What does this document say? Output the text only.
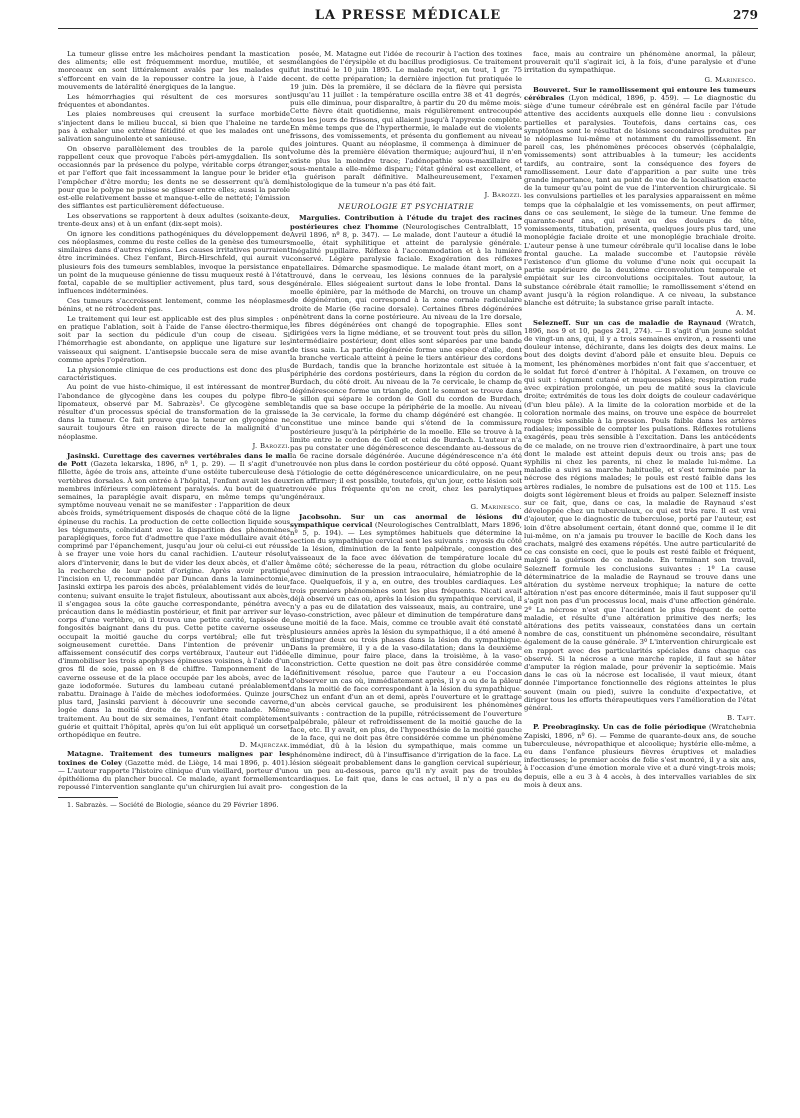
LA PRESSE MÉDICALE	279

La tumeur glisse entre les mâchoires pendant la mastication des aliments; elle est fréquemment mordue, mutilée, et ses morceaux en sont littéralement avalés par les malades qui s'efforcent en vain de la repousser contre la joue, à l'aide de mouvements de latéralité énergiques de la langue.

Les hémorrhagies qui résultent de ces morsures sont fréquentes et abondantes.

Les plaies nombreuses qui creusent la surface morbide s'injectent dans le milieu buccal, si bien que l'haleine ne tarde pas à exhaler une extrême fétidité et que les malades ont une salivation sanguinolente et sanieuse.

On observe parallèlement des troubles de la parole qui rappellent ceux que provoque l'abcès péri-amygdalien. Ils sont occasionnés par la présence du polype, véritable corps étranger, et par l'effort que fait incessamment la langue pour le brider et l'empêcher d'être mordu; les dents ne se desserrent qu'à demi pour que le polype ne puisse se glisser entre elles; aussi la parole est-elle relativement basse et manque-t-elle de netteté; l'émission des sifflantes est particulièrement défectueuse.

Les observations se rapportent à deux adultes (soixante-deux, trente-deux ans) et à un enfant (dix-sept mois).

On ignore les conditions pathogéniques du développement de ces néoplasmes, comme du reste celles de la genèse des tumeurs similaires dans d'autres régions. Les causes irritatives pourraient être incriminées. Chez l'enfant, Birch-Hirschfeld, qui aurait vu plusieurs fois des tumeurs semblables, invoque la persistance en un point de la muqueuse génienne de tissu muqueux resté à l'état fœtal, capable de se multiplier activement, plus tard, sous des influences indéterminées.

Ces tumeurs s'accroissent lentement, comme les néoplasmes bénins, et ne rétrocèdent pas.

Le traitement qui leur est applicable est des plus simples : on en pratique l'ablation, soit à l'aide de l'anse électro-thermique, soit par la section du pédicule d'un coup de ciseau. Si l'hémorrhagie est abondante, on applique une ligature sur les vaisseaux qui saignent. L'antisepsie buccale sera de mise avant comme après l'opération.

La physionomie clinique de ces productions est donc des plus caractéristiques.

Au point de vue histo-chimique, il est intéressant de montrer l'abondance de glycogène dans les coupes du polype fibro-lipomateux, observé par M. Sabrazès¹. Ce glycogène semble résulter d'un processus spécial de transformation de la graisse dans la tumeur. Ce fait prouve que la teneur en glycogène ne saurait toujours être en raison directe de la malignité d'un néoplasme.

J. Barozzi.

Jasinski. Curettage des cavernes vertébrales dans le mal de Pott (Gazeta lekarska, 1896, nº 1, p. 29). — Il s'agit d'une fillette, âgée de trois ans, atteinte d'une ostéite tuberculeuse des vertèbres dorsales. À son entrée à l'hôpital, l'enfant avait les deux membres inférieurs complètement paralysés. Au bout de quatre semaines, la paraplégie avait disparu, en même temps qu'un symptôme nouveau venait ne se manifester : l'apparition de deux abcès froids, symétriquement disposés de chaque côté de la ligne épineuse du rachis. La production de cette collection liquide sous les téguments, coïncidant avec la disparition des phénomènes paraplégiques, force fut d'admettre que l'axe médullaire avait été comprimé par l'épanchement, jusqu'au jour où celui-ci eut réussi à se frayer une voie hors du canal rachidien. L'auteur résolut alors d'intervenir, dans le but de vider les deux abcès, et d'aller à la recherche de leur point d'origine. Après avoir pratiqué l'incision en U, recommandée par Duncan dans la laminectomie, Jasinski extirpa les parois des abcès, préalablement vidés de leur contenu; suivant ensuite le trajet fistuleux, aboutissant aux abcès, il s'engagea sous la côte gauche correspondante, pénétra avec précaution dans le médiastin postérieur, et finit par arriver sur le corps d'une vertèbre, où il trouva une petite cavité, tapissée de fongosités baignant dans du pus. Cette petite caverne osseuse occupait la moitié gauche du corps vertébral; elle fut très soigneusement curettée. Dans l'intention de prévenir un affaissement consécutif des corps vertébraux, l'auteur eut l'idée d'immobiliser les trois apophyses épineuses voisines, à l'aide d'un gros fil de soie, passé en 8 de chiffre. Tamponnement de la caverne osseuse et de la place occupée par les abcès, avec de la gaze iodoformée. Sutures du lambeau cutané préalablement rabattu. Drainage à l'aide de mèches iodoformées. Quinze jours plus tard, Jasinski parvient à découvrir une seconde caverne, logée dans la moitié droite de la vertèbre malade. Même traitement. Au bout de six semaines, l'enfant était complètement guérie et quittait l'hôpital, après qu'on lui eût appliqué un corset orthopédique en feutre.

D. Majerczak.

Matagne. Traitement des tumeurs malignes par les toxines de Coley (Gazette méd. de Liège, 14 mai 1896, p. 401). — L'auteur rapporte l'histoire clinique d'un vieillard, porteur d'un épithélioma du plancher buccal. Ce malade, ayant formellement repoussé l'intervention sanglante qu'un chirurgien lui avait pro-

1. Sabrazès. — Société de Biologie, séance du 29 Février 1896.

posée, M. Matagne eut l'idée de recourir à l'action des toxines mélangées de l'érysipèle et du bacillus prodigiosus. Ce traitement fut institué le 10 juin 1895. Le malade reçut, en tout, 1 gr. 75 cent. de cette préparation; la dernière injection fut pratiquée le 19 juin. Dès la première, il se déclara de la fièvre qui persista jusqu'au 11 juillet : la température oscilla entre 38 et 41 degrés, puis elle diminua, pour disparaître, à partir du 20 du même mois. Cette fièvre était quotidienne, mais régulièrement entrecoupée tous les jours de frissons, qui allaient jusqu'à l'apyrexie complète. En même temps que de l'hyperthermie, le malade eut de violents frissons, des vomissements, et présenta du gonflement au niveau des jointures. Quant au néoplasme, il commença à diminuer de volume dès la première élévation thermique; aujourd'hui, il n'en existe plus la moindre trace; l'adénopathie sous-maxillaire et sous-mentale a elle-même disparu; l'état général est excellent, et la guérison paraît définitive. Malheureusement, l'examen histologique de la tumeur n'a pas été fait.

J. Barozzi.

NEUROLOGIE ET PSYCHIATRIE

Margulies. Contribution à l'étude du trajet des racines postérieures chez l'homme (Neurologisches Centralblatt, 15 Avril 1896, nº 8, p. 347). — Le malade, dont l'auteur a étudié la moelle, était syphilitique et atteint de paralysie générale. Inégalité pupillaire. Réflexe à l'accommodation et à la lumière conservé. Légère paralysie faciale. Exagération des réflexes patellaires. Démarche spasmodique. Le malade étant mort, on a trouvé, dans le cerveau, les lésions connues de la paralysie générale. Elles siégeaient surtout dans le lobe frontal. Dans la moelle épinière, par la méthode de Marchi, on trouve un champ de dégénération, qui correspond à la zone cornale radiculaire droite de Marie (6e racine dorsale). Certaines fibres dégénérées pénètrent dans la corne postérieure. Au niveau de la 1re dorsale, les fibres dégénérées ont changé de topographie. Elles sont dirigées vers la ligne médiane, et se trouvent tout près du sillon intermédiaire postérieur, dont elles sont séparées par une bande de tissu sain. La partie dégénérée forme une espèce d'aile, dont la branche verticale atteint à peine le tiers antérieur des cordons de Burdach, tandis que la branche horizontale est située à la périphérie des cordons postérieurs, dans la région du cordon de Burdach, du côté droit. Au niveau de la 7e cervicale, le champ de dégénérescence forme un triangle, dont le sommet se trouve dans le sillon qui sépare le cordon de Goll du cordon de Burdach, tandis que sa base occupe la périphérie de la moelle. Au niveau de la 3e cervicale, la forme du champ dégénéré est changée. Il constitue une mince bande qui s'étend de la commissure postérieure jusqu'à la périphérie de la moelle. Elle se trouve à la limite entre le cordon de Goll et celui de Burdach. L'auteur n'a pas pu constater une dégénérescence descendante au-dessous de la 6e racine dorsale dégénérée. Aucune dégénérescence n'a été trouvée non plus dans le cordon postérieur du côté opposé. Quant à l'étiologie de cette dégénérescence unicardiculaire, on ne peut rien affirmer; il est possible, toutefois, qu'un jour, cette lésion soit trouvée plus fréquente qu'on ne croit, chez les paralytiques généraux.

G. Marinesco.

Jacobsohn. Sur un cas anormal de lésions du sympathique cervical (Neurologisches Centralblatt, Mars 1896, nº 5, p. 194). — Les symptômes habituels que détermine la section du sympathique cervical sont les suivants : myosis du côté de la lésion, diminution de la fente palpébrale, congestion des vaisseaux de la face avec élévation de température locale du même côté; sécheresse de la peau, rétraction du globe oculaire avec diminution de la pression intraoculaire, hémiatrophie de la face. Quelquefois, il y a, en outre, des troubles cardiaques. Les trois premiers phénomènes sont les plus fréquents. Nicati avait déjà observé un cas où, après la lésion du sympathique cervical, il n'y a pas eu de dilatation des vaisseaux, mais, au contraire, une vaso-constriction, avec pâleur et diminution de température dans une moitié de la face. Mais, comme ce trouble avait été constaté plusieurs années après la lésion du sympathique, il a été amené à distinguer deux ou trois phases dans la lésion du sympathique. Dans la première, il y a de la vaso-dilatation; dans la deuxième elle diminue, pour faire place, dans la troisième, à la vaso-constriction. Cette question ne doit pas être considérée comme définitivement résolue, parce que l'auteur a eu l'occasion d'observer un cas où, immédiatement après, il y a eu de la pâleur dans la moitié de face correspondant à la lésion du sympathique. Chez un enfant d'un an et demi, après l'ouverture et le grattage d'un abcès cervical gauche, se produisirent les phénomènes suivants : contraction de la pupille, rétrécissement de l'ouverture palpébrale, pâleur et refroidissement de la moitié gauche de la face, etc. Il y avait, en plus, de l'hypoesthésie de la moitié gauche de la face, qui ne doit pas être considérée comme un phénomène immédiat, dû à la lésion du sympathique, mais comme un phénomène indirect, dû à l'insuffisance d'irrigation de la face. La lésion siégeait probablement dans le ganglion cervical supérieur, ou un peu au-dessous, parce qu'il n'y avait pas de troubles cardiaques. Le fait que, dans le cas actuel, il n'y a pas eu de congestion de la

face, mais au contraire un phénomène anormal, la pâleur, prouverait qu'il s'agirait ici, à la fois, d'une paralysie et d'une irritation du sympathique.

G. Marinesco.

Bouveret. Sur le ramollissement qui entoure les tumeurs cérébrales (Lyon médical, 1896, p. 459). — Le diagnostic du siège d'une tumeur cérébrale est en général facile par l'étude attentive des accidents auxquels elle donne lieu : convulsions partielles et paralysies. Toutefois, dans certains cas, ces symptômes sont le résultat de lésions secondaires produites par le néoplasme lui-même et notamment du ramollissement. En pareil cas, les phénomènes précoces observés (céphalalgie, vomissements) sont attribuables à la tumeur; les accidents tardifs, au contraire, sont la conséquence des foyers de ramollissement. Leur date d'apparition a par suite une très grande importance, tant au point de vue de la localisation exacte de la tumeur qu'au point de vue de l'intervention chirurgicale. Si les convulsions partielles et les paralysies apparaissent en même temps que la céphalalgie et les vomissements, on peut affirmer, dans ce cas seulement, le siège de la tumeur. Une femme de quarante-neuf ans, qui avait eu des douleurs de tête, vomissements, titubation, présenta, quelques jours plus tard, une monoplégie faciale droite et une monoplégie brachiale droite. L'auteur pense à une tumeur cérébrale qu'il localise dans le lobe frontal gauche. La malade succombe et l'autopsie révèle l'existence d'un gliome du volume d'une noix qui occupait la partie supérieure de la deuxième circonvolution temporale et empiétait sur les circonvolutions occipitales. Tout autour, la substance cérébrale était ramollie; le ramollissement s'étend en avant jusqu'à la région rolandique. A ce niveau, la substance blanche est détruite; la substance grise paraît intacte.

A. M.

Selezneff. Sur un cas de maladie de Raynaud (Wratch, 1896, nos 9 et 10, pages 241, 274). — Il s'agit d'un jeune soldat de vingt-un ans, qui, il y a trois semaines environ, a ressenti une douleur intense, déchirante, dans les doigts des deux mains. Le bout des doigts devint d'abord pâle et ensuite bleu. Depuis ce moment, les phénomènes morbides n'ont fait que s'accentuer, et le soldat fut forcé d'entrer à l'hôpital. A l'examen, on trouve ce qui suit : tégument cutané et muqueuses pâles; respiration rude avec expiration prolongée, un peu de matité sous la clavicule droite; extrémités de tous les doix doigts de couleur cadavérique (d'un bleu pâle). A la limite de la coloration morbide et de la coloration normale des mains, on trouve une espèce de bourrelet rouge très sensible à la pression. Pouls faible dans les artères radiales; impossible de compter les pulsations. Réflexes rotuliens exagérés, peau très sensible à l'excitation. Dans les antécédents de ce malade, on ne trouve rien d'extraordinaire, à part une toux dont le malade est atteint depuis deux ou trois ans; pas de syphilis ni chez les parents, ni chez le malade lui-même. La maladie a suivi sa marche habituelle, et s'est terminée par la nécrose des régions malades; le pouls est resté faible dans les artères radiales, le nombre de pulsations est de 100 et 115. Les doigts sont légèrement bleus et froids au palper. Selezneff insiste sur ce fait, que, dans ce cas, la maladie de Raynaud s'est développée chez un tuberculeux, ce qui est très rare. Il est vrai d'ajouter, que le diagnostic de tuberculose, porté par l'auteur, est loin d'être absolument certain, étant donné que, comme il le dit lui-même, on n'a jamais pu trouver le bacille de Koch dans les crachats, malgré des examens répétés. Une autre particularité de ce cas consiste en ceci, que le pouls est resté faible et fréquent, malgré la guérison de ce malade. En terminant son travail, Selezneff formule les conclusions suivantes : 1º La cause déterminatrice de la maladie de Raynaud se trouve dans une altération du système nerveux trophique; la nature de cette altération n'est pas encore déterminée, mais il faut supposer qu'il s'agit non pas d'un processus local, mais d'une affection générale. 2º La nécrose n'est que l'accident le plus fréquent de cette maladie, et résulte d'une altération primitive des nerfs; les altérations des petits vaisseaux, constatées dans un certain nombre de cas, constituent un phénomène secondaire, résultant également de la cause générale. 3º L'intervention chirurgicale est en rapport avec des particularités spéciales dans chaque cas observé. Si la nécrose a une marche rapide, il faut se hâter d'amputer la région malade, pour prévenir la septicémie. Mais dans le cas où la nécrose est localisée, il vaut mieux, étant donnée l'importance fonctionnelle des régions atteintes le plus souvent (main ou pied), suivre la conduite d'expectative, et diriger tous les efforts thérapeutiques vers l'amélioration de l'état général.

B. Taft.

P. Preobraginsky. Un cas de folie périodique (Wratchebnia Zapiski, 1896, nº 6). — Femme de quarante-deux ans, de souche tuberculeuse, névropathique et alcoolique; hystérie elle-même, a eu dans l'enfance plusieurs fièvres éruptives et maladies infectieuses; le premier accès de folie s'est montré, il y a six ans, à l'occasion d'une émotion morale vive et a duré vingt-trois mois; depuis, elle a eu 3 à 4 accès, à des intervalles variables de six mois à deux ans.
